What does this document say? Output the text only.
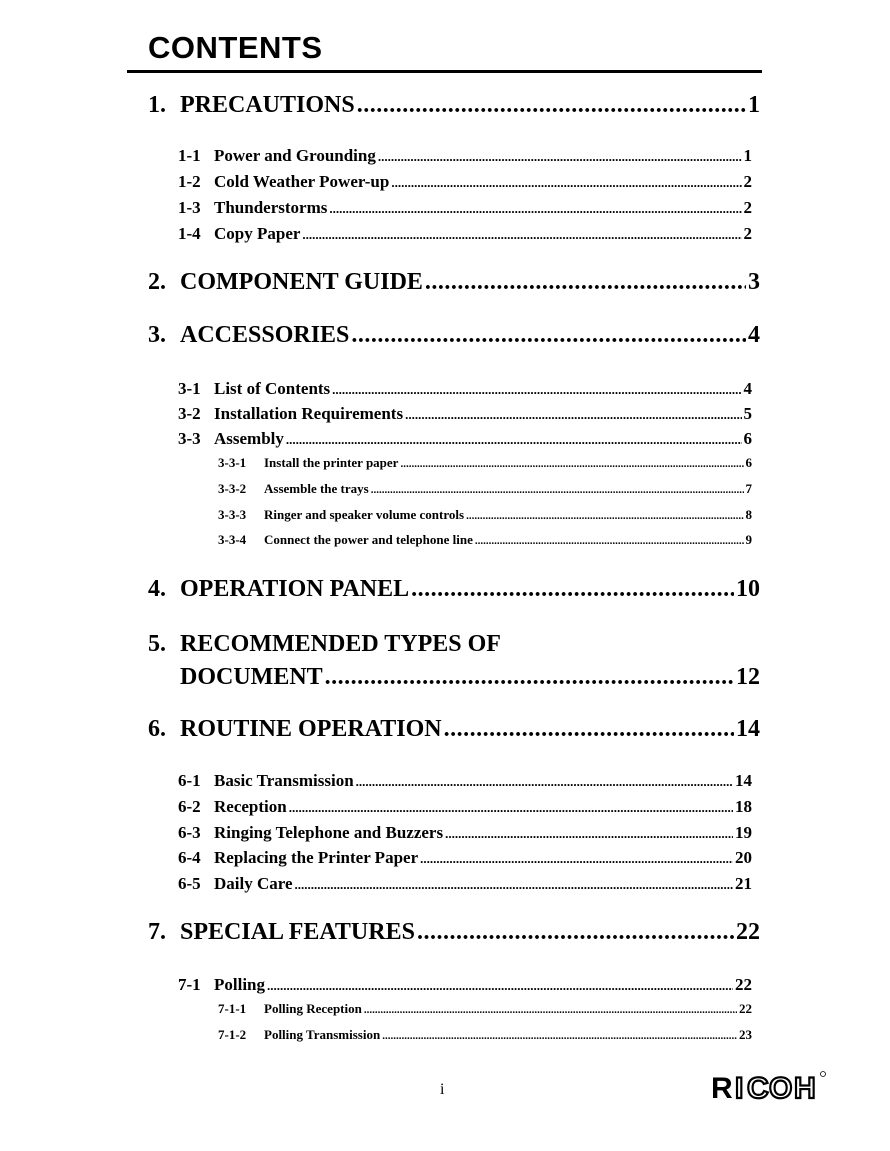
CONTENTS
1. PRECAUTIONS .....	1
1-1 Power and Grounding .....	1
1-2 Cold Weather Power-up .....	2
1-3 Thunderstorms .....	2
1-4 Copy Paper .....	2
2. COMPONENT GUIDE .....	3
3. ACCESSORIES .....	4
3-1 List of Contents .....	4
3-2 Installation Requirements .....	5
3-3 Assembly .....	6
3-3-1	Install the printer paper .....	6
3-3-2	Assemble the trays .....	7
3-3-3	Ringer and speaker volume controls .....	8
3-3-4	Connect the power and telephone line .....	9
4. OPERATION PANEL .....	10
5. RECOMMENDED TYPES OF
DOCUMENT .....	12
6. ROUTINE OPERATION .....	14
6-1 Basic Transmission .....	14
6-2 Reception .....	18
6-3 Ringing Telephone and Buzzers .....	19
6-4 Replacing the Printer Paper .....	20
6-5 Daily Care .....	21
7. SPECIAL FEATURES .....	22
7-1 Polling .....	22
7-1-1	Polling Reception .....	22
7-1-2	Polling Transmission .....	23
i	R I C O H
